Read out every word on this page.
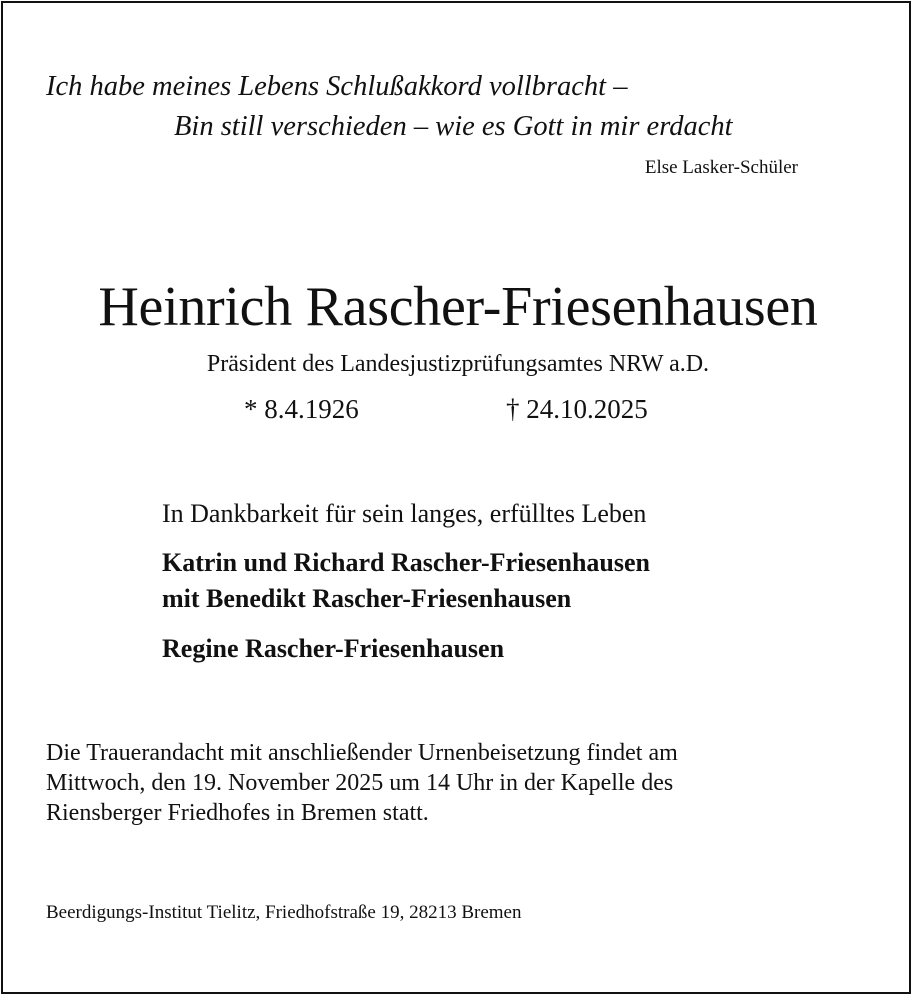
Ich habe meines Lebens Schlußakkord vollbracht –

Bin still verschieden – wie es Gott in mir erdacht

Else Lasker-Schüler

Heinrich Rascher-Friesenhausen

Präsident des Landesjustizprüfungsamtes NRW a.D.

* 8.4.1926	† 24.10.2025

In Dankbarkeit für sein langes, erfülltes Leben

Katrin und Richard Rascher-Friesenhausen

mit Benedikt Rascher-Friesenhausen

Regine Rascher-Friesenhausen

Die Trauerandacht mit anschließender Urnenbeisetzung findet am
Mittwoch, den 19. November 2025 um 14 Uhr in der Kapelle des
Riensberger Friedhofes in Bremen statt.

Beerdigungs-Institut Tielitz, Friedhofstraße 19, 28213 Bremen
